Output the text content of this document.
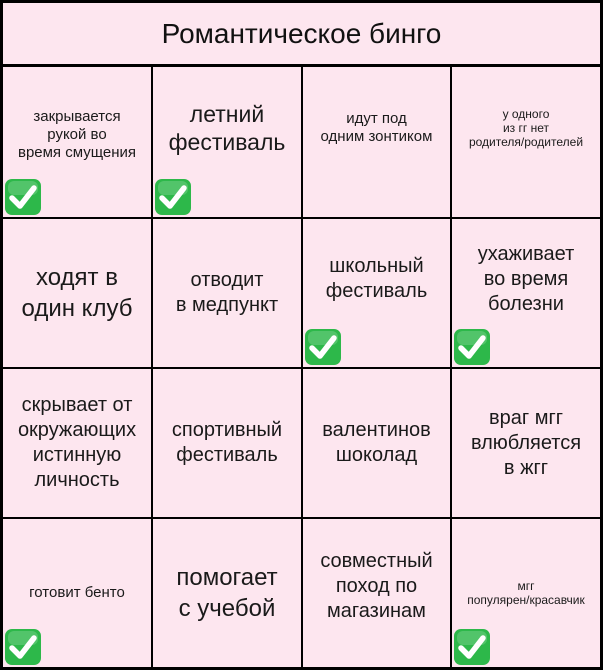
Романтическое бинго
закрывается
рукой во
время смущения
летний
фестиваль
идут под
одним зонтиком
у одного
из гг нет
родителя/родителей
ходят в
один клуб
отводит
в медпункт
школьный
фестиваль
ухаживает
во время
болезни
скрывает от
окружающих
истинную
личность
спортивный
фестиваль
валентинов
шоколад
враг мгг
влюбляется
в жгг
готовит бенто
помогает
с учебой
совместный
поход по
магазинам
мгг
популярен/красавчик
